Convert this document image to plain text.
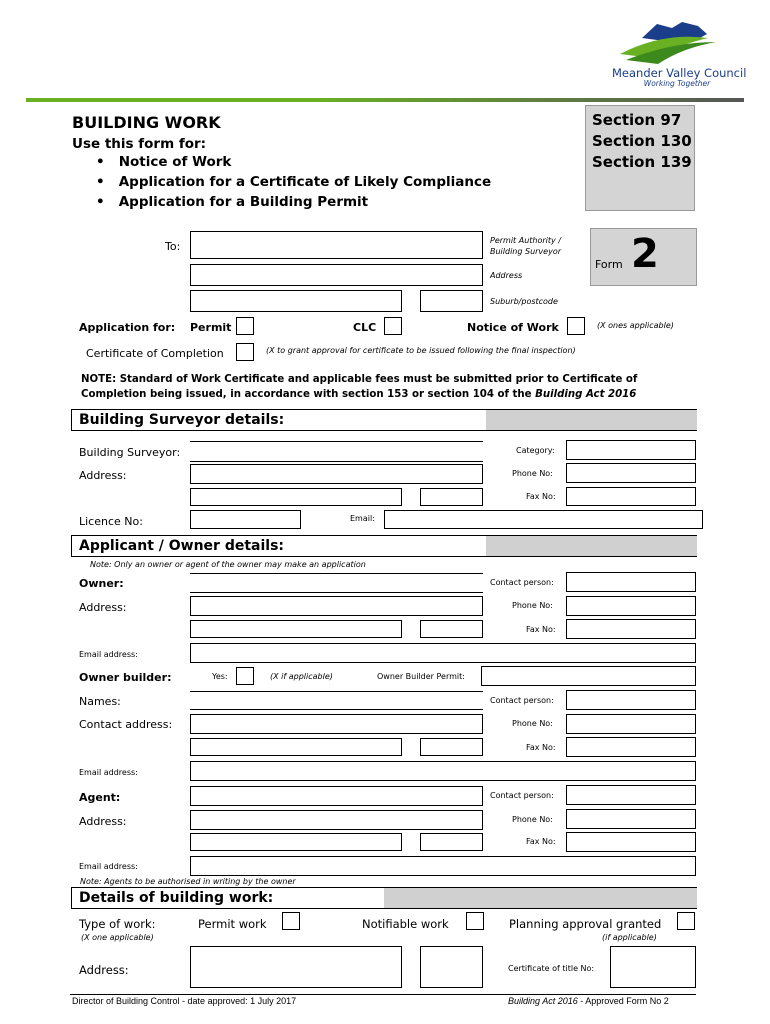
Meander Valley Council
Working Together
BUILDING WORK
Use this form for:
•   Notice of Work
•   Application for a Certificate of Likely Compliance
•   Application for a Building Permit
Section 97
Section 130
Section 139
To:	Permit Authority / Building Surveyor
Address
Suburb/postcode
Form 2
Application for: Permit	CLC	Notice of Work	(X ones applicable)
Certificate of Completion	(X to grant approval for certificate to be issued following the final inspection)
NOTE: Standard of Work Certificate and applicable fees must be submitted prior to Certificate of
Completion being issued, in accordance with section 153 or section 104 of the Building Act 2016
Building Surveyor details:
Building Surveyor:	Category:
Address:	Phone No:
Fax No:
Licence No:	Email:
Applicant / Owner details:
Note: Only an owner or agent of the owner may make an application
Owner:	Contact person:
Address:	Phone No:
Fax No:
Email address:
Owner builder:	Yes:	(X if applicable)	Owner Builder Permit:
Names:	Contact person:
Contact address:	Phone No:
Fax No:
Email address:
Agent:	Contact person:
Address:	Phone No:
Fax No:
Email address:
Note: Agents to be authorised in writing by the owner
Details of building work:
Type of work:
(X one applicable)
Permit work	Notifiable work	Planning approval granted
(if applicable)
Address:	Certificate of title No:
Director of Building Control - date approved: 1 July 2017	Building Act 2016 - Approved Form No 2
